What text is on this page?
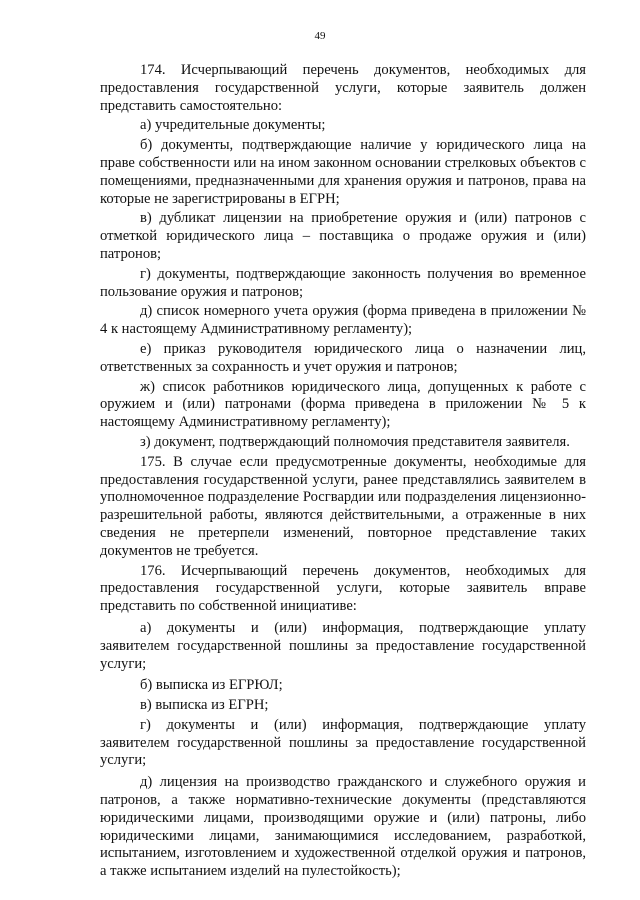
49

174. Исчерпывающий перечень документов, необходимых для предоставления государственной услуги, которые заявитель должен представить самостоятельно:

а) учредительные документы;

б) документы, подтверждающие наличие у юридического лица на праве собственности или на ином законном основании стрелковых объектов с помещениями, предназначенными для хранения оружия и патронов, права на которые не зарегистрированы в ЕГРН;

в) дубликат лицензии на приобретение оружия и (или) патронов с отметкой юридического лица – поставщика о продаже оружия и (или) патронов;

г) документы, подтверждающие законность получения во временное пользование оружия и патронов;

д) список номерного учета оружия (форма приведена в приложении № 4 к настоящему Административному регламенту);

е) приказ руководителя юридического лица о назначении лиц, ответственных за сохранность и учет оружия и патронов;

ж) список работников юридического лица, допущенных к работе с оружием и (или) патронами (форма приведена в приложении № 5 к настоящему Административному регламенту);

з) документ, подтверждающий полномочия представителя заявителя.

175. В случае если предусмотренные документы, необходимые для предоставления государственной услуги, ранее представлялись заявителем в уполномоченное подразделение Росгвардии или подразделения лицензионно-разрешительной работы, являются действительными, а отраженные в них сведения не претерпели изменений, повторное представление таких документов не требуется.

176. Исчерпывающий перечень документов, необходимых для предоставления государственной услуги, которые заявитель вправе представить по собственной инициативе:

а) документы и (или) информация, подтверждающие уплату заявителем государственной пошлины за предоставление государственной услуги;

б) выписка из ЕГРЮЛ;

в) выписка из ЕГРН;

г) документы и (или) информация, подтверждающие уплату заявителем государственной пошлины за предоставление государственной услуги;

д) лицензия на производство гражданского и служебного оружия и патронов, а также нормативно-технические документы (представляются юридическими лицами, производящими оружие и (или) патроны, либо юридическими лицами, занимающимися исследованием, разработкой, испытанием, изготовлением и художественной отделкой оружия и патронов, а также испытанием изделий на пулестойкость);
